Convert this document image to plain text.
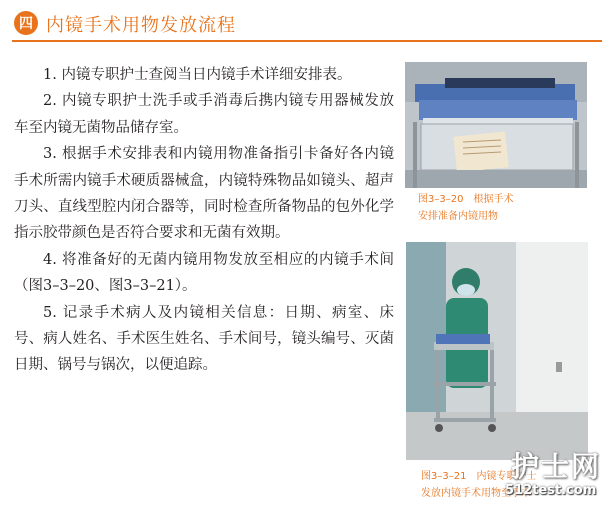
四 内镜手术用物发放流程

1. 内镜专职护士查阅当日内镜手术详细安排表。

2. 内镜专职护士洗手或手消毒后携内镜专用器械发放车至内镜无菌物品储存室。

3. 根据手术安排表和内镜用物准备指引卡备好各内镜手术所需内镜手术硬质器械盒，内镜特殊物品如镜头、超声刀头、直线型腔内闭合器等，同时检查所备物品的包外化学指示胶带颜色是否符合要求和无菌有效期。

4. 将准备好的无菌内镜用物发放至相应的内镜手术间（图3–3–20、图3–3–21）。

5. 记录手术病人及内镜相关信息：日期、病室、床号、病人姓名、手术医生姓名、手术间号，镜头编号、灭菌日期、锅号与锅次，以便追踪。

图3–3–20　根据手术
安排准备内镜用物
图3–3–21　内镜专职护士
发放内镜手术用物至手术
护士网
512test.com
